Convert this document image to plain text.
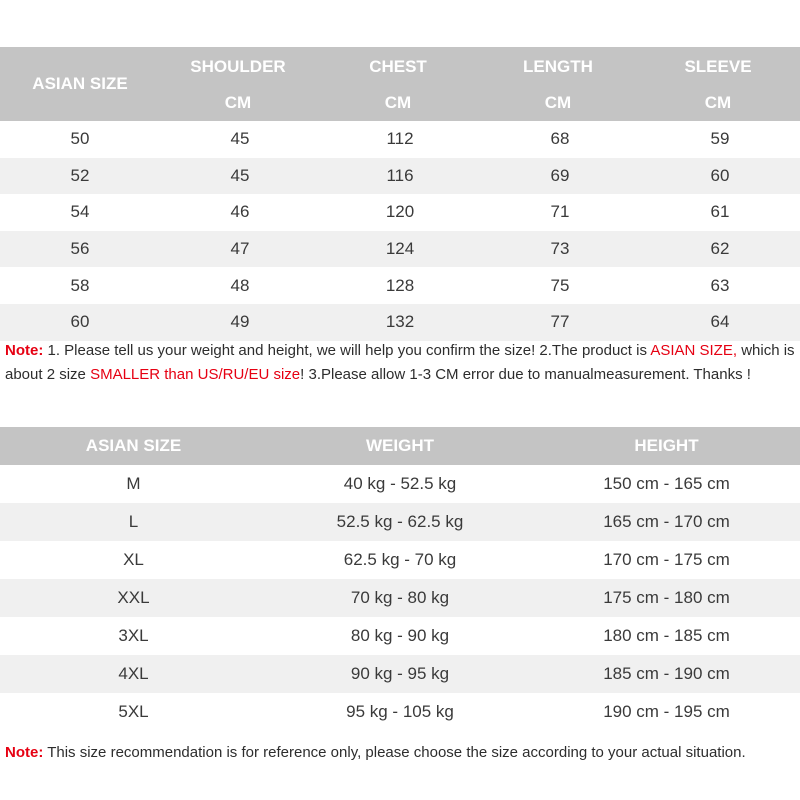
ASIAN SIZE
SHOULDER	CHEST	LENGTH	SLEEVE
CM	CM	CM	CM
50	45	112	68	59
52	45	116	69	60
54	46	120	71	61
56	47	124	73	62
58	48	128	75	63
60	49	132	77	64
Note: 1. Please tell us your weight and height, we will help you confirm the size! 2.The product is ASIAN SIZE, which is about 2 size SMALLER than US/RU/EU size! 3.Please allow 1-3 CM error due to manualmeasurement. Thanks !
ASIAN SIZE	WEIGHT	HEIGHT
M	40 kg - 52.5 kg	150 cm - 165 cm
L	52.5 kg - 62.5 kg	165 cm - 170 cm
XL	62.5 kg - 70 kg	170 cm - 175 cm
XXL	70 kg - 80 kg	175 cm - 180 cm
3XL	80 kg - 90 kg	180 cm - 185 cm
4XL	90 kg - 95 kg	185 cm - 190 cm
5XL	95 kg - 105 kg	190 cm - 195 cm
Note: This size recommendation is for reference only, please choose the size according to your actual situation.
